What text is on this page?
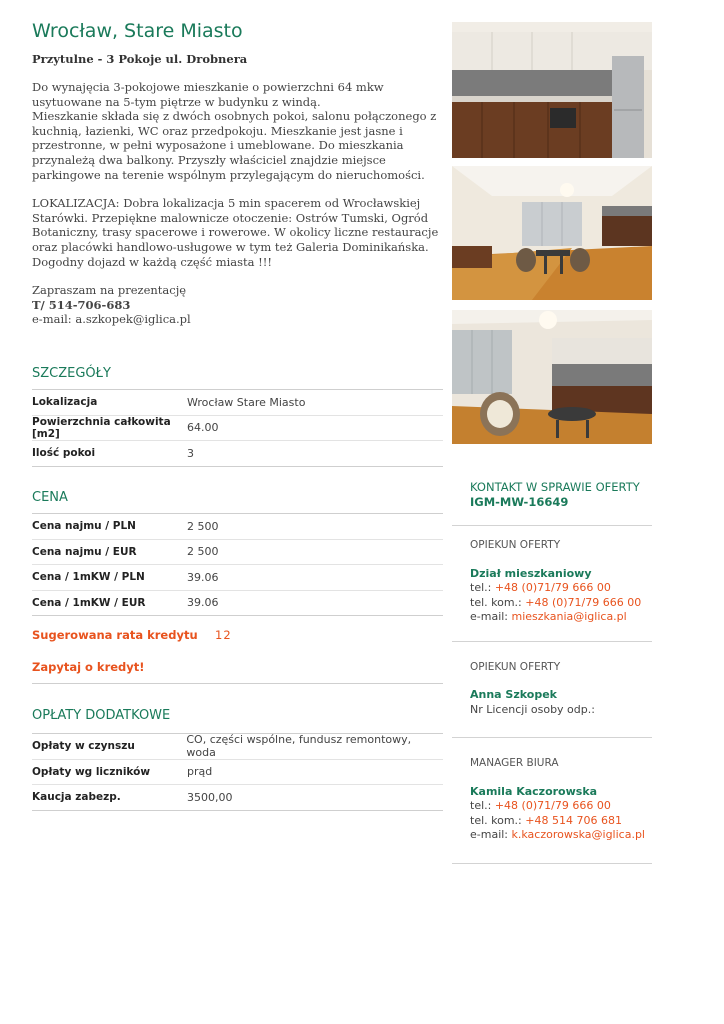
Wrocław, Stare Miasto
Przytulne - 3 Pokoje ul. Drobnera

Do wynajęcia 3-pokojowe mieszkanie o powierzchni 64 mkw usytuowane na 5-tym piętrze w budynku z windą.

Mieszkanie składa się z dwóch osobnych pokoi, salonu połączonego z kuchnią, łazienki, WC oraz przedpokoju. Mieszkanie jest jasne i przestronne, w pełni wyposażone i umeblowane. Do mieszkania przynależą dwa balkony. Przyszły właściciel znajdzie miejsce parkingowe na terenie wspólnym przylegającym do nieruchomości.

LOKALIZACJA: Dobra lokalizacja 5 min spacerem od Wrocławskiej Starówki. Przepiękne malownicze otoczenie: Ostrów Tumski, Ogród Botaniczny, trasy spacerowe i rowerowe. W okolicy liczne restauracje oraz placówki handlowo-usługowe w tym też Galeria Dominikańska. Dogodny dojazd w każdą część miasta !!!

Zapraszam na prezentację

T/ 514-706-683

e-mail: a.szkopek@iglica.pl

SZCZEGÓŁY
Lokalizacja	Wrocław Stare Miasto
Powierzchnia całkowita [m2]	64.00
Ilość pokoi	3
CENA
Cena najmu / PLN	2 500
Cena najmu / EUR	2 500
Cena / 1mKW / PLN	39.06
Cena / 1mKW / EUR	39.06
Sugerowana rata kredytu 12
Zapytaj o kredyt!
OPŁATY DODATKOWE
Opłaty w czynszu	CO, części wspólne, fundusz remontowy, woda
Opłaty wg liczników	prąd
Kaucja zabezp.	3500,00
KONTAKT W SPRAWIE OFERTY
IGM-MW-16649
OPIEKUN OFERTY
Dział mieszkaniowy
tel.: +48 (0)71/79 666 00
tel. kom.: +48 (0)71/79 666 00
e-mail: mieszkania@iglica.pl
OPIEKUN OFERTY
Anna Szkopek
Nr Licencji osoby odp.:
MANAGER BIURA
Kamila Kaczorowska
tel.: +48 (0)71/79 666 00
tel. kom.: +48 514 706 681
e-mail: k.kaczorowska@iglica.pl
